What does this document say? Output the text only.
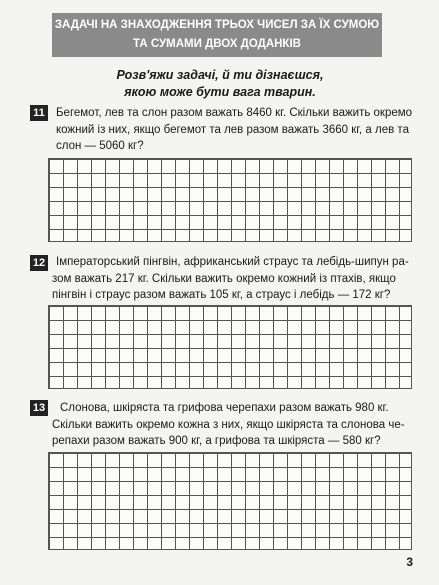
ЗАДАЧІ НА ЗНАХОДЖЕННЯ ТРЬОХ ЧИСЕЛ ЗА ЇХ СУМОЮ
ТА СУМАМИ ДВОХ ДОДАНКІВ
Розв'яжи задачі, й ти дізнаєшся,
якою може бути вага тварин.
11 Бегемот, лев та слон разом важать 8460 кг. Скільки важить окремо
кожний із них, якщо бегемот та лев разом важать 3660 кг, а лев та
слон — 5060 кг?
12 Імператорський пінгвін, африканський страус та лебідь-шипун ра-
зом важать 217 кг. Скільки важить окремо кожний із птахів, якщо
пінгвін і страус разом важать 105 кг, а страус і лебідь — 172 кг?
13	Слонова, шкіряста та грифова черепахи разом важать 980 кг.
Скільки важить окремо кожна з них, якщо шкіряста та слонова че-
репахи разом важать 900 кг, а грифова та шкіряста — 580 кг?
3
